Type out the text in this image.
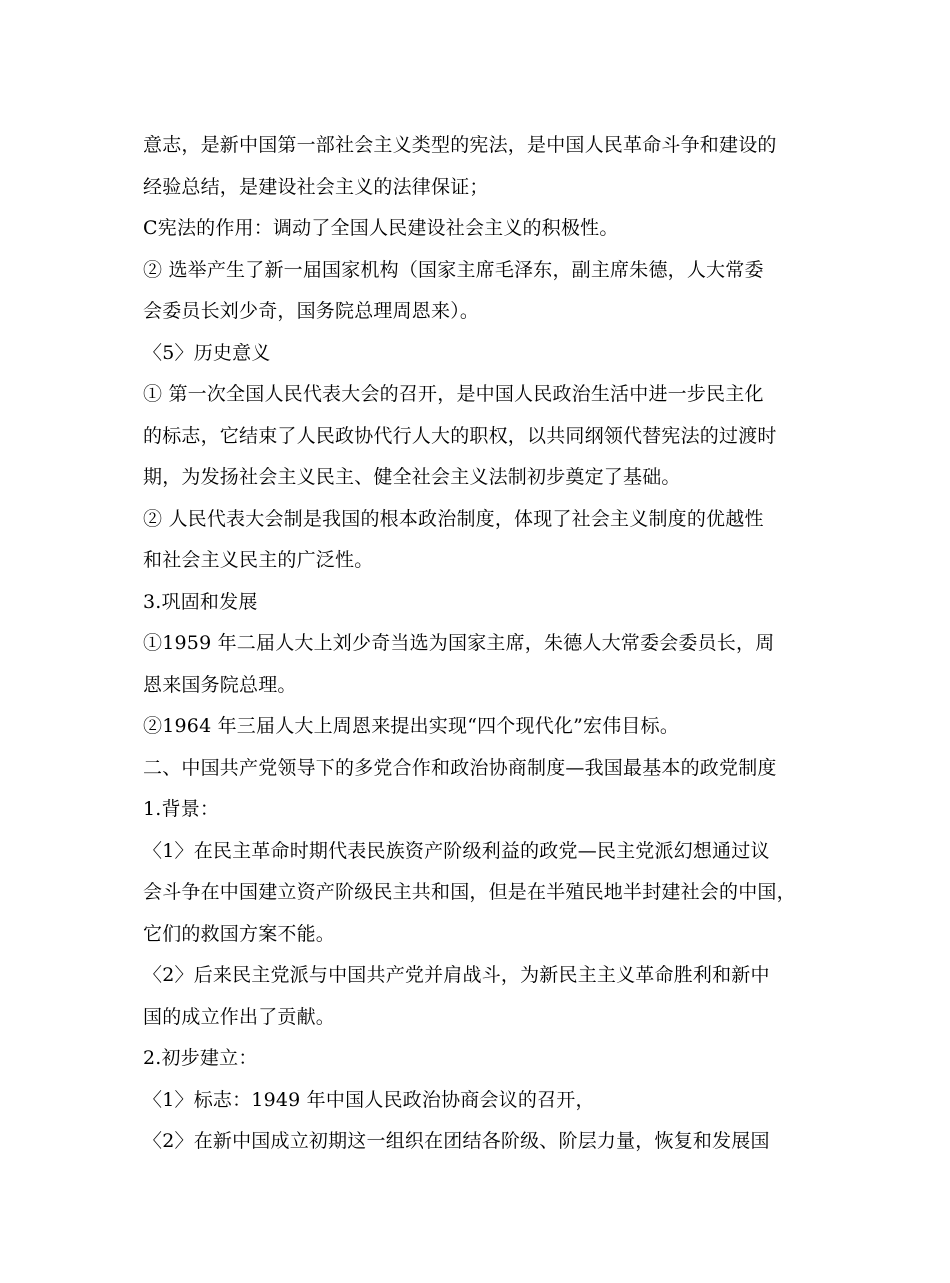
意志，是新中国第一部社会主义类型的宪法，是中国人民革命斗争和建设的
经验总结，是建设社会主义的法律保证；
C宪法的作用：调动了全国人民建设社会主义的积极性。
② 选举产生了新一届国家机构（国家主席毛泽东，副主席朱德，人大常委
会委员长刘少奇，国务院总理周恩来）。
〈5〉历史意义
① 第一次全国人民代表大会的召开，是中国人民政治生活中进一步民主化
的标志，它结束了人民政协代行人大的职权，以共同纲领代替宪法的过渡时
期，为发扬社会主义民主、健全社会主义法制初步奠定了基础。
② 人民代表大会制是我国的根本政治制度，体现了社会主义制度的优越性
和社会主义民主的广泛性。
3.巩固和发展
①1959 年二届人大上刘少奇当选为国家主席，朱德人大常委会委员长，周
恩来国务院总理。
②1964 年三届人大上周恩来提出实现“四个现代化”宏伟目标。
二、中国共产党领导下的多党合作和政治协商制度—我国最基本的政党制度
1.背景：
〈1〉在民主革命时期代表民族资产阶级利益的政党—民主党派幻想通过议
会斗争在中国建立资产阶级民主共和国，但是在半殖民地半封建社会的中国，
它们的救国方案不能。
〈2〉后来民主党派与中国共产党并肩战斗，为新民主主义革命胜利和新中
国的成立作出了贡献。
2.初步建立：
〈1〉标志：1949 年中国人民政治协商会议的召开，
〈2〉在新中国成立初期这一组织在团结各阶级、阶层力量，恢复和发展国
